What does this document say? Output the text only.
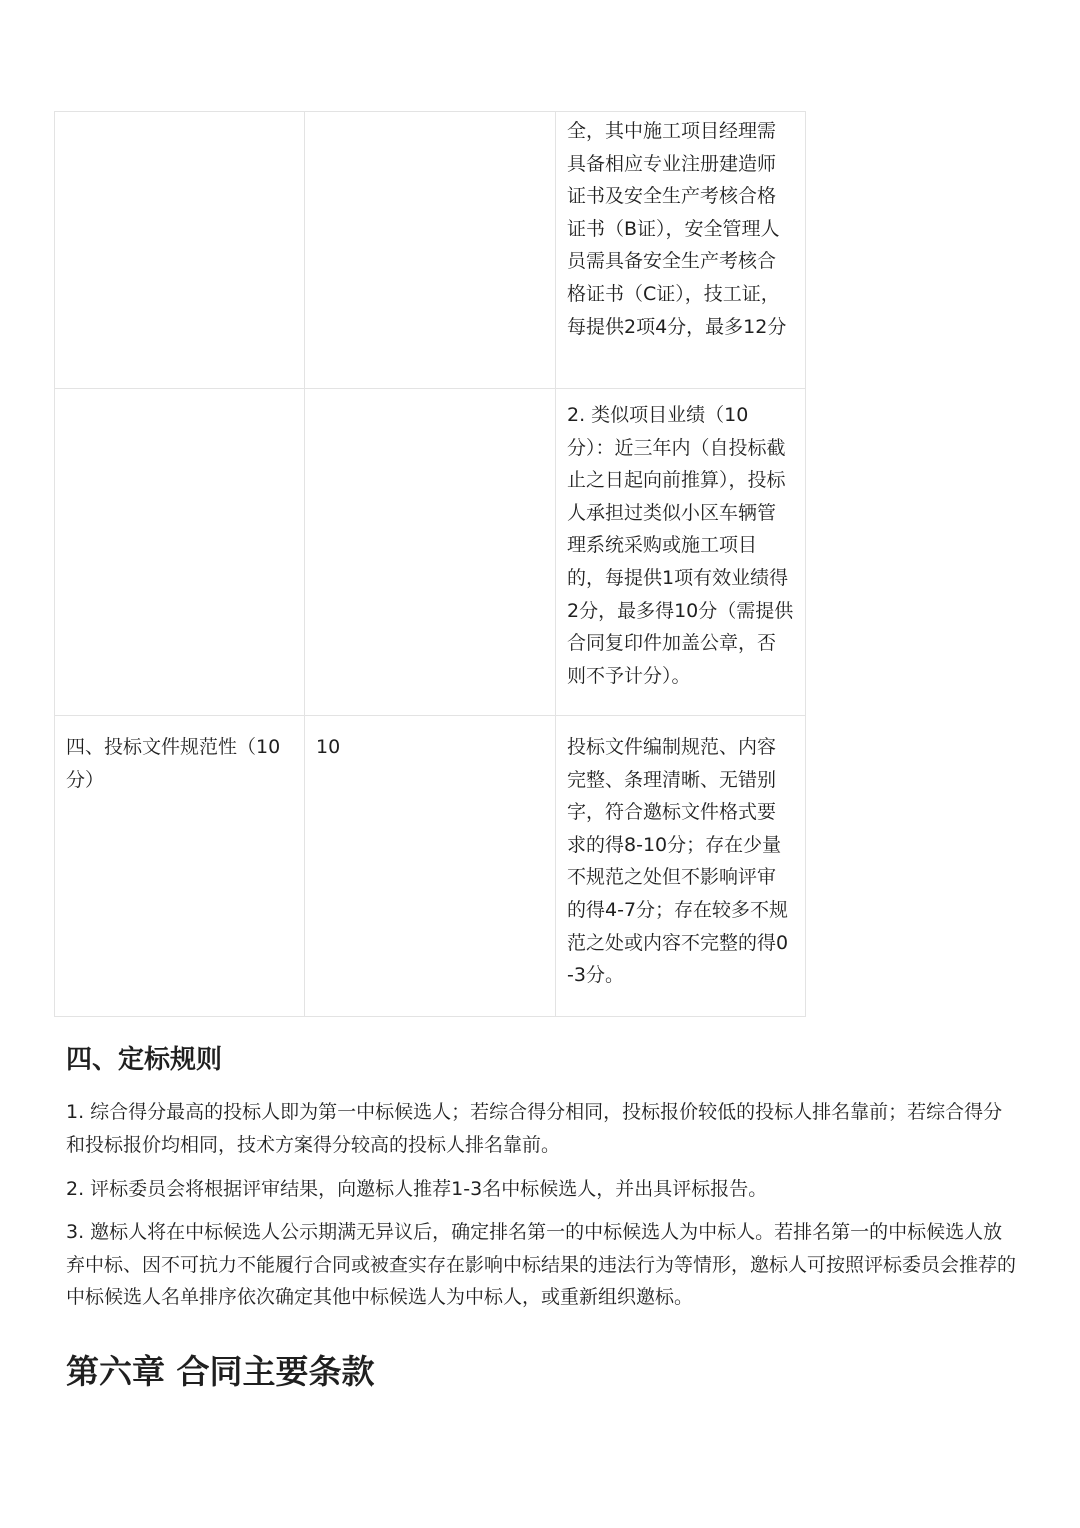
		全，其中施工项目经理需具备相应专业注册建造师证书及安全生产考核合格证书（B证），安全管理人员需具备安全生产考核合格证书（C证），技工证，每提供2项4分，最多12分
		2. 类似项目业绩（10分）：近三年内（自投标截止之日起向前推算），投标人承担过类似小区车辆管理系统采购或施工项目的，每提供1项有效业绩得2分，最多得10分（需提供合同复印件加盖公章，否则不予计分）。
四、投标文件规范性（10分）	10	投标文件编制规范、内容完整、条理清晰、无错别字，符合邀标文件格式要求的得8-10分；存在少量不规范之处但不影响评审的得4-7分；存在较多不规范之处或内容不完整的得0-3分。
四、定标规则

1. 综合得分最高的投标人即为第一中标候选人；若综合得分相同，投标报价较低的投标人排名靠前；若综合得分和投标报价均相同，技术方案得分较高的投标人排名靠前。

2. 评标委员会将根据评审结果，向邀标人推荐1-3名中标候选人，并出具评标报告。

3. 邀标人将在中标候选人公示期满无异议后，确定排名第一的中标候选人为中标人。若排名第一的中标候选人放弃中标、因不可抗力不能履行合同或被查实存在影响中标结果的违法行为等情形，邀标人可按照评标委员会推荐的中标候选人名单排序依次确定其他中标候选人为中标人，或重新组织邀标。

第六章 合同主要条款
